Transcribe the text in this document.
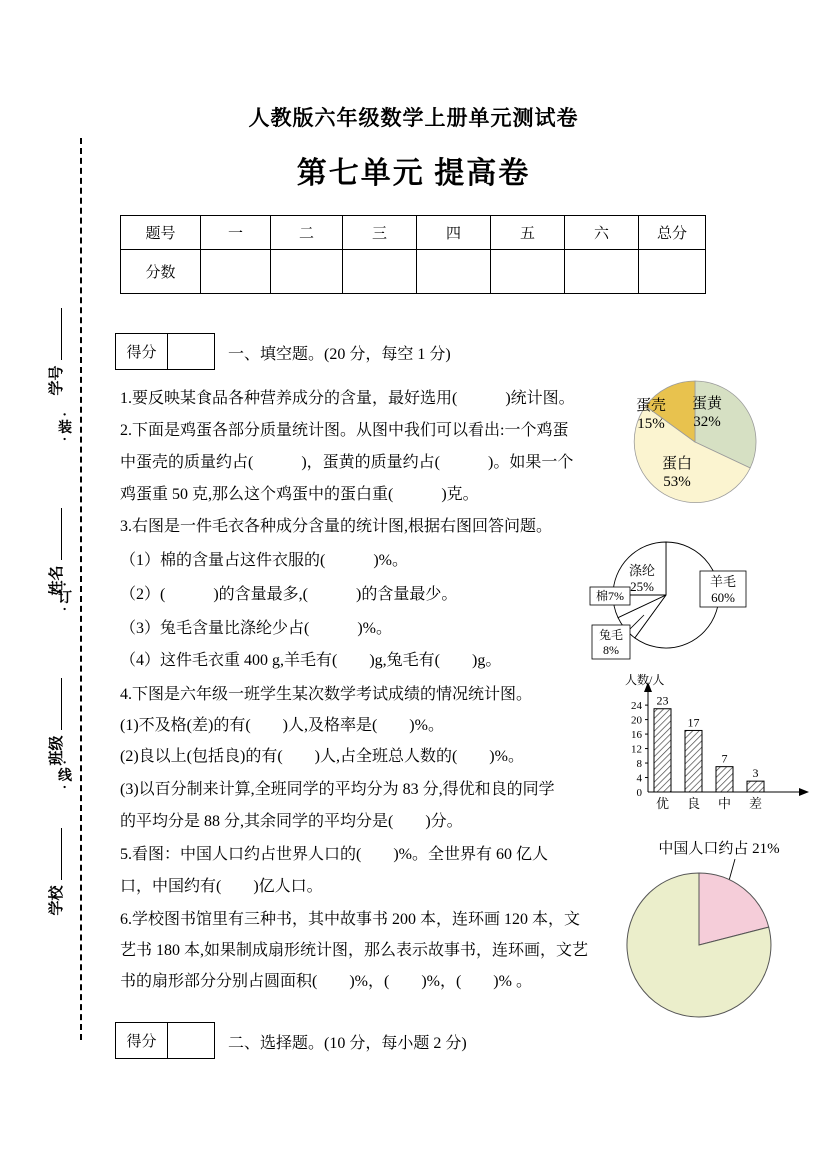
学号
姓名
班级
学校
·装·
·订·
·线·
人教版六年级数学上册单元测试卷
第七单元 提高卷
题号	一	二	三	四	五	六	总分
分数							
得分	一、填空题。(20 分，每空 1 分)
1.要反映某食品各种营养成分的含量，最好选用(　　　)统计图。
2.下面是鸡蛋各部分质量统计图。从图中我们可以看出:一个鸡蛋
中蛋壳的质量约占(　　　)，蛋黄的质量约占(　　　)。如果一个
鸡蛋重 50 克,那么这个鸡蛋中的蛋白重(　　　)克。
3.右图是一件毛衣各种成分含量的统计图,根据右图回答问题。
（1）棉的含量占这件衣服的(　　　)%。
（2）(　　　)的含量最多,(　　　)的含量最少。
（3）兔毛含量比涤纶少占(　　　)%。
（4）这件毛衣重 400 g,羊毛有(　　)g,兔毛有(　　)g。
4.下图是六年级一班学生某次数学考试成绩的情况统计图。
(1)不及格(差)的有(　　)人,及格率是(　　)%。
(2)良以上(包括良)的有(　　)人,占全班总人数的(　　)%。
(3)以百分制来计算,全班同学的平均分为 83 分,得优和良的同学
的平均分是 88 分,其余同学的平均分是(　　)分。
5.看图：中国人口约占世界人口的(　　)%。全世界有 60 亿人
口，中国约有(　　)亿人口。
6.学校图书馆里有三种书，其中故事书 200 本，连环画 120 本，文
艺书 180 本,如果制成扇形统计图，那么表示故事书，连环画，文艺
书的扇形部分分别占圆面积(　　)%，(　　)%，(　　)% 。
蛋黄
32%
蛋白
53%
蛋壳
15%
涤纶
25%	羊毛
60%
棉7%
兔毛
8%
人数/人
0
4
8
12
16
20
24 23
优
17
良
7
中
3
差
中国人口约占 21%
得分	二、选择题。(10 分，每小题 2 分)
